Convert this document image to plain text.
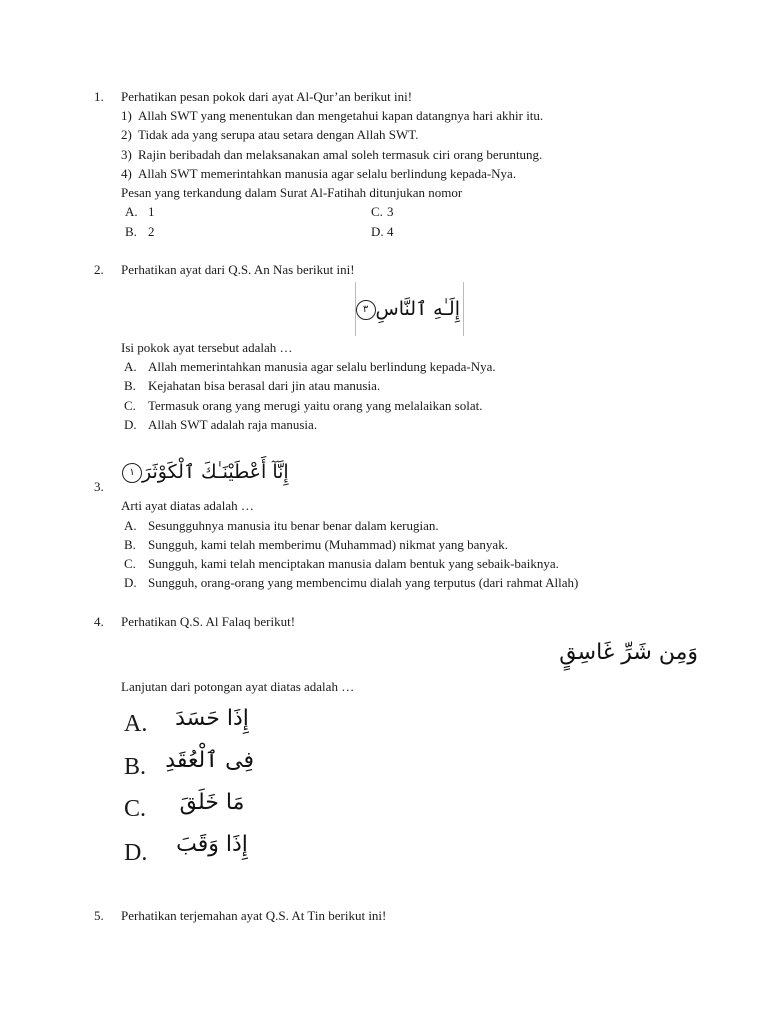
1. Perhatikan pesan pokok dari ayat Al-Qur’an berikut ini!
1) Allah SWT yang menentukan dan mengetahui kapan datangnya hari akhir itu.
2) Tidak ada yang serupa atau setara dengan Allah SWT.
3) Rajin beribadah dan melaksanakan amal soleh termasuk ciri orang beruntung.
4) Allah SWT memerintahkan manusia agar selalu berlindung kepada-Nya.
Pesan yang terkandung dalam Surat Al-Fatihah ditunjukan nomor
A. 1	C. 3
B. 2	D. 4
2. Perhatikan ayat dari Q.S. An Nas berikut ini!
إِلَـٰهِ ٱلنَّاسِ٣
Isi pokok ayat tersebut adalah …
A. Allah memerintahkan manusia agar selalu berlindung kepada-Nya.
B. Kejahatan bisa berasal dari jin atau manusia.
C. Termasuk orang yang merugi yaitu orang yang melalaikan solat.
D. Allah SWT adalah raja manusia.
إِنَّآ أَعْطَيْنَـٰكَ ٱلْكَوْثَرَ١
3.
Arti ayat diatas adalah …
A. Sesungguhnya manusia itu benar benar dalam kerugian.
B. Sungguh, kami telah memberimu (Muhammad) nikmat yang banyak.
C. Sungguh, kami telah menciptakan manusia dalam bentuk yang sebaik-baiknya.
D. Sungguh, orang-orang yang membencimu dialah yang terputus (dari rahmat Allah)
4. Perhatikan Q.S. Al Falaq berikut!
وَمِن شَرِّ غَاسِقٍ
Lanjutan dari potongan ayat diatas adalah …
A. إِذَا حَسَدَ
B. فِى ٱلْعُقَدِ
C.	مَا خَلَقَ
D. إِذَا وَقَبَ
5. Perhatikan terjemahan ayat Q.S. At Tin berikut ini!
